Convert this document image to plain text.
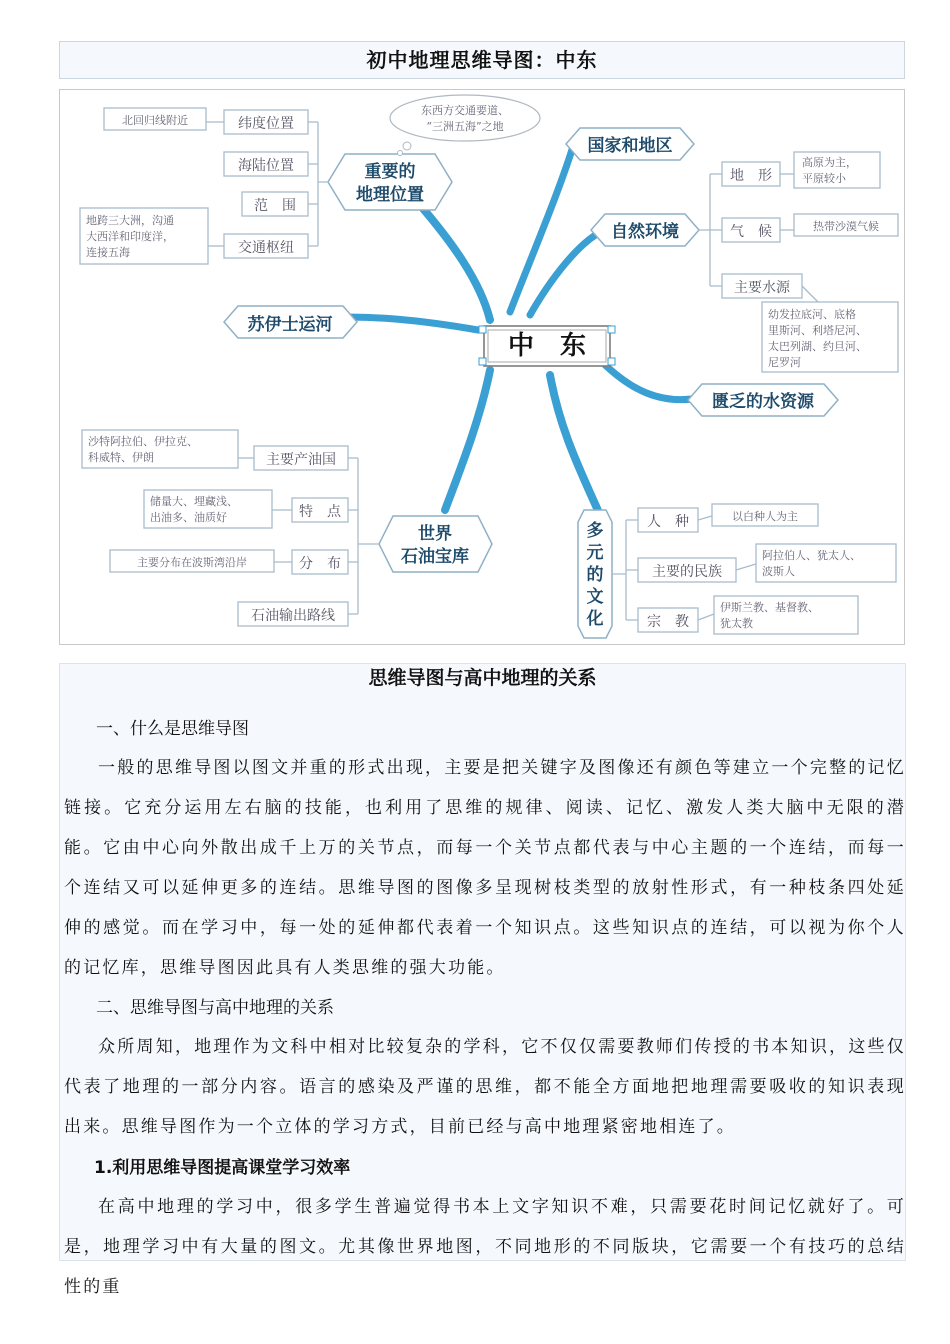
初中地理思维导图：中东
中　东
重要的
地理位置
东西方交通要道、
“三洲五海”之地
纬度位置
北回归线附近
海陆位置
范　围
交通枢纽
地跨三大洲，沟通
大西洋和印度洋，
连接五海
国家和地区
自然环境
地　形
高原为主，
平原较小
气　候	热带沙漠气候
主要水源
幼发拉底河、底格
里斯河、利塔尼河、
太巴列湖、约旦河、
尼罗河
苏伊士运河
匮乏的水资源
世界
石油宝库
主要产油国
沙特阿拉伯、伊拉克、
科威特、伊朗
特　点
储量大、埋藏浅、
出油多、油质好
分　布
主要分布在波斯湾沿岸
石油输出路线
多
元
的
文
化
人　种	以白种人为主
主要的民族
阿拉伯人、犹太人、
波斯人
宗　教
伊斯兰教、基督教、
犹太教
思维导图与高中地理的关系

一、什么是思维导图

一般的思维导图以图文并重的形式出现，主要是把关键字及图像还有颜色等建立一个完整的记忆链接。它充分运用左右脑的技能，也利用了思维的规律、阅读、记忆、激发人类大脑中无限的潜能。它由中心向外散出成千上万的关节点，而每一个关节点都代表与中心主题的一个连结，而每一个连结又可以延伸更多的连结。思维导图的图像多呈现树枝类型的放射性形式，有一种枝条四处延伸的感觉。而在学习中，每一处的延伸都代表着一个知识点。这些知识点的连结，可以视为你个人的记忆库，思维导图因此具有人类思维的强大功能。

二、思维导图与高中地理的关系

众所周知，地理作为文科中相对比较复杂的学科，它不仅仅需要教师们传授的书本知识，这些仅代表了地理的一部分内容。语言的感染及严谨的思维，都不能全方面地把地理需要吸收的知识表现出来。思维导图作为一个立体的学习方式，目前已经与高中地理紧密地相连了。

1.利用思维导图提高课堂学习效率

在高中地理的学习中，很多学生普遍觉得书本上文字知识不难，只需要花时间记忆就好了。可是，地理学习中有大量的图文。尤其像世界地图，不同地形的不同版块，它需要一个有技巧的总结性的重
